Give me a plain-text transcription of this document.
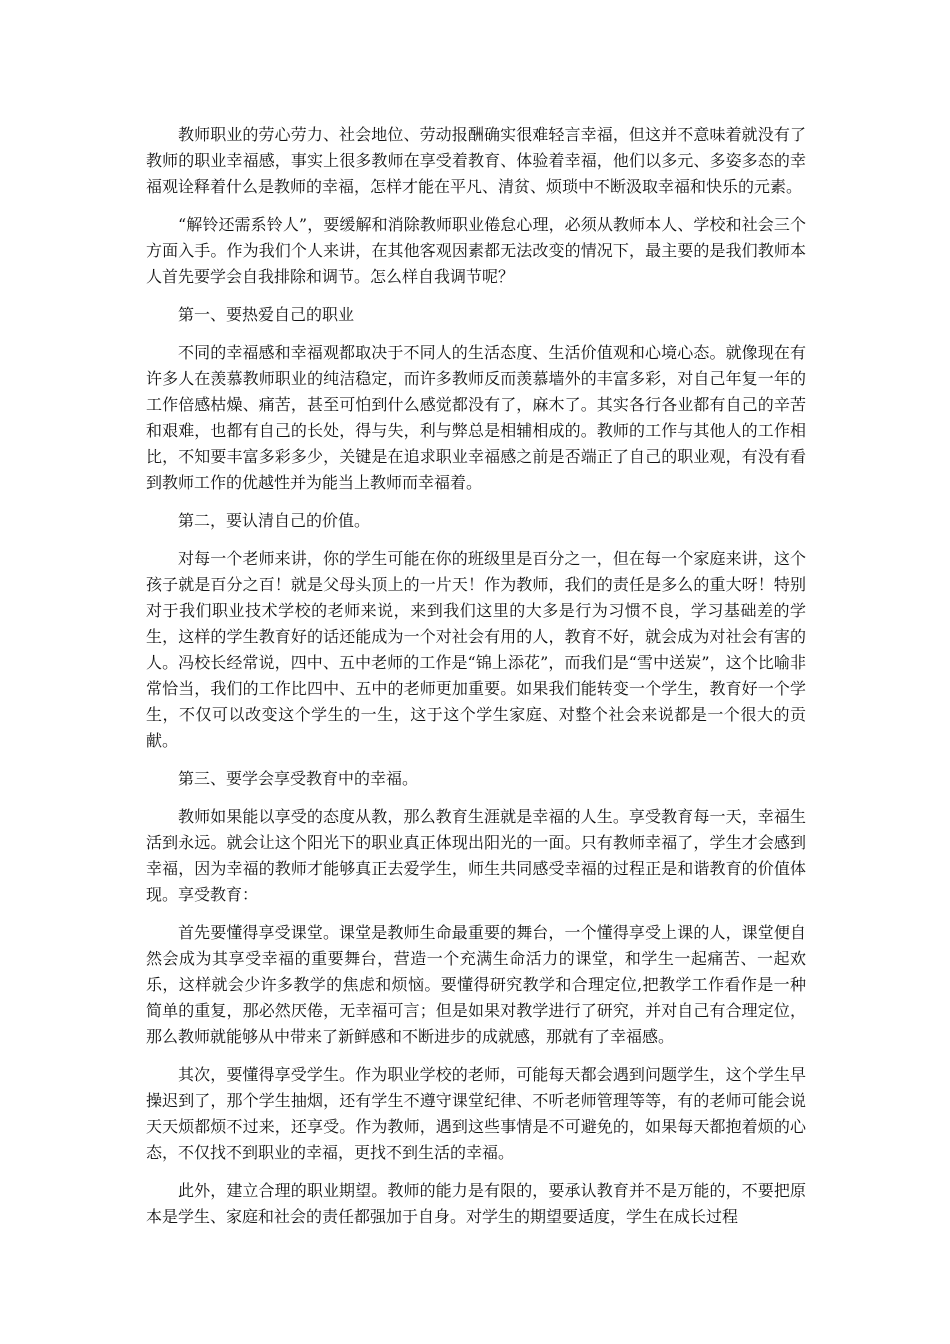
教师职业的劳心劳力、社会地位、劳动报酬确实很难轻言幸福，但这并不意味着就没有了教师的职业幸福感，事实上很多教师在享受着教育、体验着幸福，他们以多元、多姿多态的幸福观诠释着什么是教师的幸福，怎样才能在平凡、清贫、烦琐中不断汲取幸福和快乐的元素。

“解铃还需系铃人”，要缓解和消除教师职业倦怠心理，必须从教师本人、学校和社会三个方面入手。作为我们个人来讲，在其他客观因素都无法改变的情况下，最主要的是我们教师本人首先要学会自我排除和调节。怎么样自我调节呢？

第一、要热爱自己的职业

不同的幸福感和幸福观都取决于不同人的生活态度、生活价值观和心境心态。就像现在有许多人在羡慕教师职业的纯洁稳定，而许多教师反而羡慕墙外的丰富多彩，对自己年复一年的工作倍感枯燥、痛苦，甚至可怕到什么感觉都没有了，麻木了。其实各行各业都有自己的辛苦和艰难，也都有自己的长处，得与失，利与弊总是相辅相成的。教师的工作与其他人的工作相比，不知要丰富多彩多少，关键是在追求职业幸福感之前是否端正了自己的职业观，有没有看到教师工作的优越性并为能当上教师而幸福着。

第二，要认清自己的价值。

对每一个老师来讲，你的学生可能在你的班级里是百分之一，但在每一个家庭来讲，这个孩子就是百分之百！就是父母头顶上的一片天！作为教师，我们的责任是多么的重大呀！特别对于我们职业技术学校的老师来说，来到我们这里的大多是行为习惯不良，学习基础差的学生，这样的学生教育好的话还能成为一个对社会有用的人，教育不好，就会成为对社会有害的人。冯校长经常说，四中、五中老师的工作是“锦上添花”，而我们是“雪中送炭”，这个比喻非常恰当，我们的工作比四中、五中的老师更加重要。如果我们能转变一个学生，教育好一个学生，不仅可以改变这个学生的一生，这于这个学生家庭、对整个社会来说都是一个很大的贡献。

第三、要学会享受教育中的幸福。

教师如果能以享受的态度从教，那么教育生涯就是幸福的人生。享受教育每一天，幸福生活到永远。就会让这个阳光下的职业真正体现出阳光的一面。只有教师幸福了，学生才会感到幸福，因为幸福的教师才能够真正去爱学生，师生共同感受幸福的过程正是和谐教育的价值体现。享受教育：

首先要懂得享受课堂。课堂是教师生命最重要的舞台，一个懂得享受上课的人，课堂便自然会成为其享受幸福的重要舞台，营造一个充满生命活力的课堂，和学生一起痛苦、一起欢乐，这样就会少许多教学的焦虑和烦恼。要懂得研究教学和合理定位,把教学工作看作是一种简单的重复，那必然厌倦，无幸福可言；但是如果对教学进行了研究，并对自己有合理定位，那么教师就能够从中带来了新鲜感和不断进步的成就感，那就有了幸福感。

其次，要懂得享受学生。作为职业学校的老师，可能每天都会遇到问题学生，这个学生早操迟到了，那个学生抽烟，还有学生不遵守课堂纪律、不听老师管理等等，有的老师可能会说天天烦都烦不过来，还享受。作为教师，遇到这些事情是不可避免的，如果每天都抱着烦的心态，不仅找不到职业的幸福，更找不到生活的幸福。

此外，建立合理的职业期望。教师的能力是有限的，要承认教育并不是万能的，不要把原本是学生、家庭和社会的责任都强加于自身。对学生的期望要适度，学生在成长过程
